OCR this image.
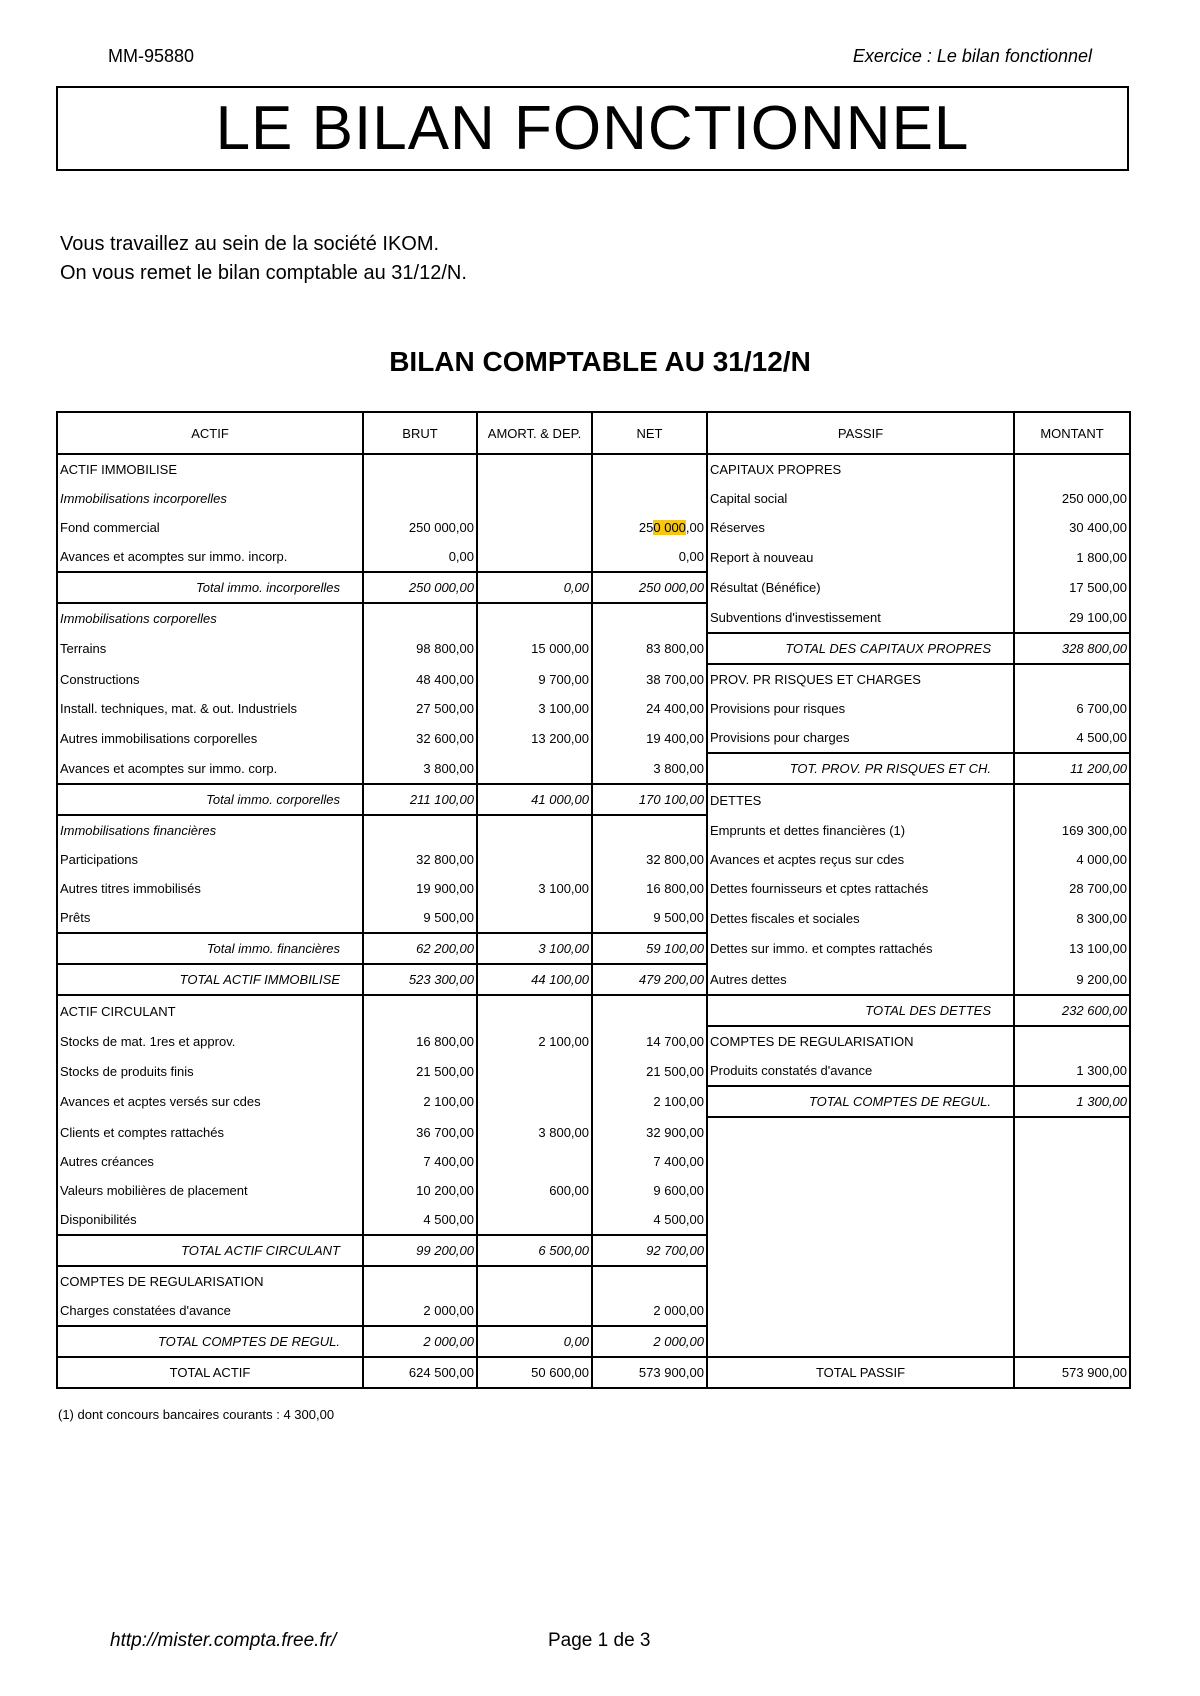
MM-95880	Exercice : Le bilan fonctionnel
LE BILAN FONCTIONNEL
Vous travaillez au sein de la société IKOM.
On vous remet le bilan comptable au 31/12/N.
BILAN COMPTABLE AU 31/12/N
ACTIF	BRUT	AMORT. & DEP.	NET	PASSIF	MONTANT
ACTIF IMMOBILISE				CAPITAUX PROPRES	
Immobilisations incorporelles				Capital social	250 000,00
Fond commercial	250 000,00		250 000,00	Réserves	30 400,00
Avances et acomptes sur immo. incorp.	0,00		0,00	Report à nouveau	1 800,00
Total immo. incorporelles	250 000,00	0,00	250 000,00	Résultat (Bénéfice)	17 500,00
Immobilisations corporelles				Subventions d'investissement	29 100,00
Terrains	98 800,00	15 000,00	83 800,00	TOTAL DES CAPITAUX PROPRES	328 800,00
Constructions	48 400,00	9 700,00	38 700,00	PROV. PR RISQUES ET CHARGES	
Install. techniques, mat. & out. Industriels	27 500,00	3 100,00	24 400,00	Provisions pour risques	6 700,00
Autres immobilisations corporelles	32 600,00	13 200,00	19 400,00	Provisions pour charges	4 500,00
Avances et acomptes sur immo. corp.	3 800,00		3 800,00	TOT. PROV. PR RISQUES ET CH.	11 200,00
Total immo. corporelles	211 100,00	41 000,00	170 100,00	DETTES	
Immobilisations financières				Emprunts et dettes financières (1)	169 300,00
Participations	32 800,00		32 800,00	Avances et acptes reçus sur cdes	4 000,00
Autres titres immobilisés	19 900,00	3 100,00	16 800,00	Dettes fournisseurs et cptes rattachés	28 700,00
Prêts	9 500,00		9 500,00	Dettes fiscales et sociales	8 300,00
Total immo. financières	62 200,00	3 100,00	59 100,00	Dettes sur immo. et comptes rattachés	13 100,00
TOTAL ACTIF IMMOBILISE	523 300,00	44 100,00	479 200,00	Autres dettes	9 200,00
ACTIF CIRCULANT				TOTAL DES DETTES	232 600,00
Stocks de mat. 1res et approv.	16 800,00	2 100,00	14 700,00	COMPTES DE REGULARISATION	
Stocks de produits finis	21 500,00		21 500,00	Produits constatés d'avance	1 300,00
Avances et acptes versés sur cdes	2 100,00		2 100,00	TOTAL COMPTES DE REGUL.	1 300,00
Clients et comptes rattachés	36 700,00	3 800,00	32 900,00		
Autres créances	7 400,00		7 400,00		
Valeurs mobilières de placement	10 200,00	600,00	9 600,00		
Disponibilités	4 500,00		4 500,00		
TOTAL ACTIF CIRCULANT	99 200,00	6 500,00	92 700,00		
COMPTES DE REGULARISATION					
Charges constatées d'avance	2 000,00		2 000,00		
TOTAL COMPTES DE REGUL.	2 000,00	0,00	2 000,00		
TOTAL ACTIF	624 500,00	50 600,00	573 900,00	TOTAL PASSIF	573 900,00
(1) dont concours bancaires courants : 4 300,00
http://mister.compta.free.fr/	Page 1 de 3
